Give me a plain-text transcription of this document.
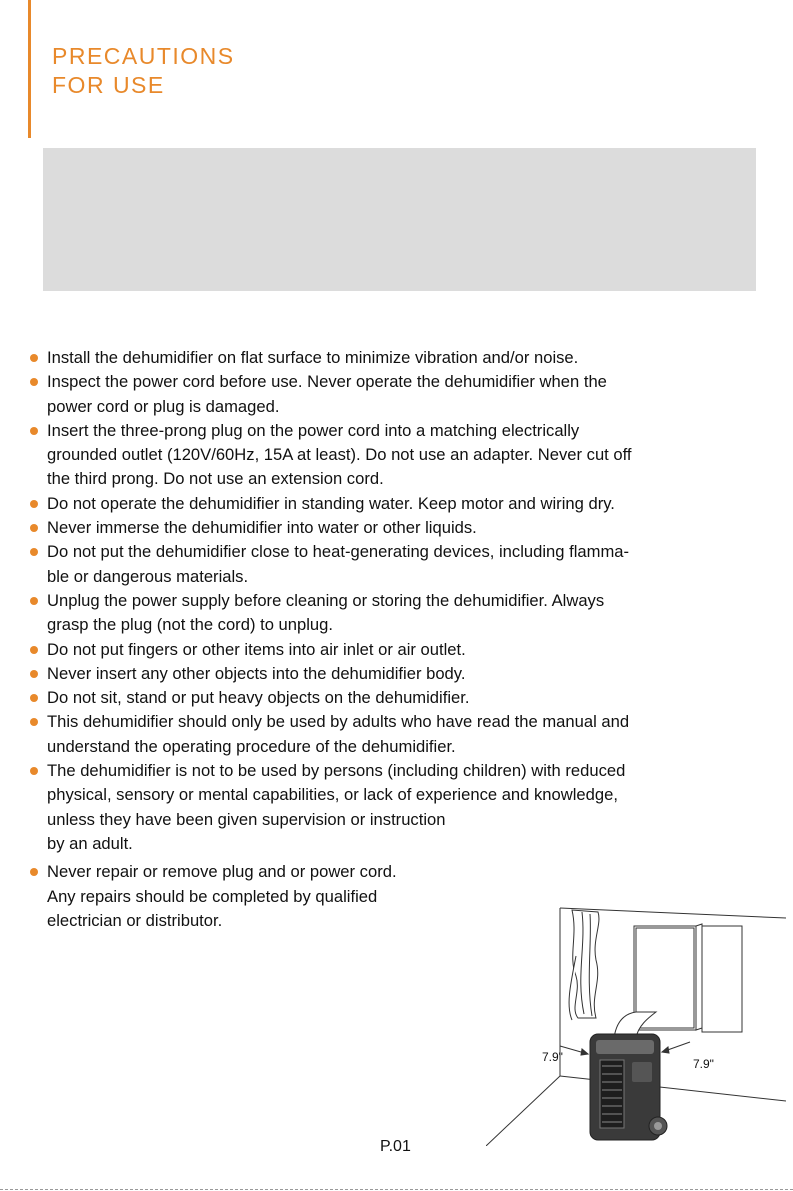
PRECAUTIONS
FOR USE
Install the dehumidifier on flat surface to minimize vibration and/or noise.
Inspect the power cord before use. Never operate the dehumidifier when the
power cord or plug is damaged.
Insert the three-prong plug on the power cord into a matching electrically
grounded outlet (120V/60Hz, 15A at least). Do not use an adapter. Never cut off
the third prong. Do not use an extension cord.
Do not operate the dehumidifier in standing water. Keep motor and wiring dry.
Never immerse the dehumidifier into water or other liquids.
Do not put the dehumidifier close to heat-generating devices, including flamma-
ble or dangerous materials.
Unplug the power supply before cleaning or storing the dehumidifier. Always
grasp the plug (not the cord) to unplug.
Do not put fingers or other items into air inlet or air outlet.
Never insert any other objects into the dehumidifier body.
Do not sit, stand or put heavy objects on the dehumidifier.
This dehumidifier should only be used by adults who have read the manual and
understand the operating procedure of the dehumidifier.
The dehumidifier is not to be used by persons (including children) with reduced
physical, sensory or mental capabilities, or lack of experience and knowledge,
unless they have been given supervision or instruction
by an adult.
Never repair or remove plug and or power cord.
Any repairs should be completed by qualified
electrician or distributor.
7.9"	7.9"
P.01
